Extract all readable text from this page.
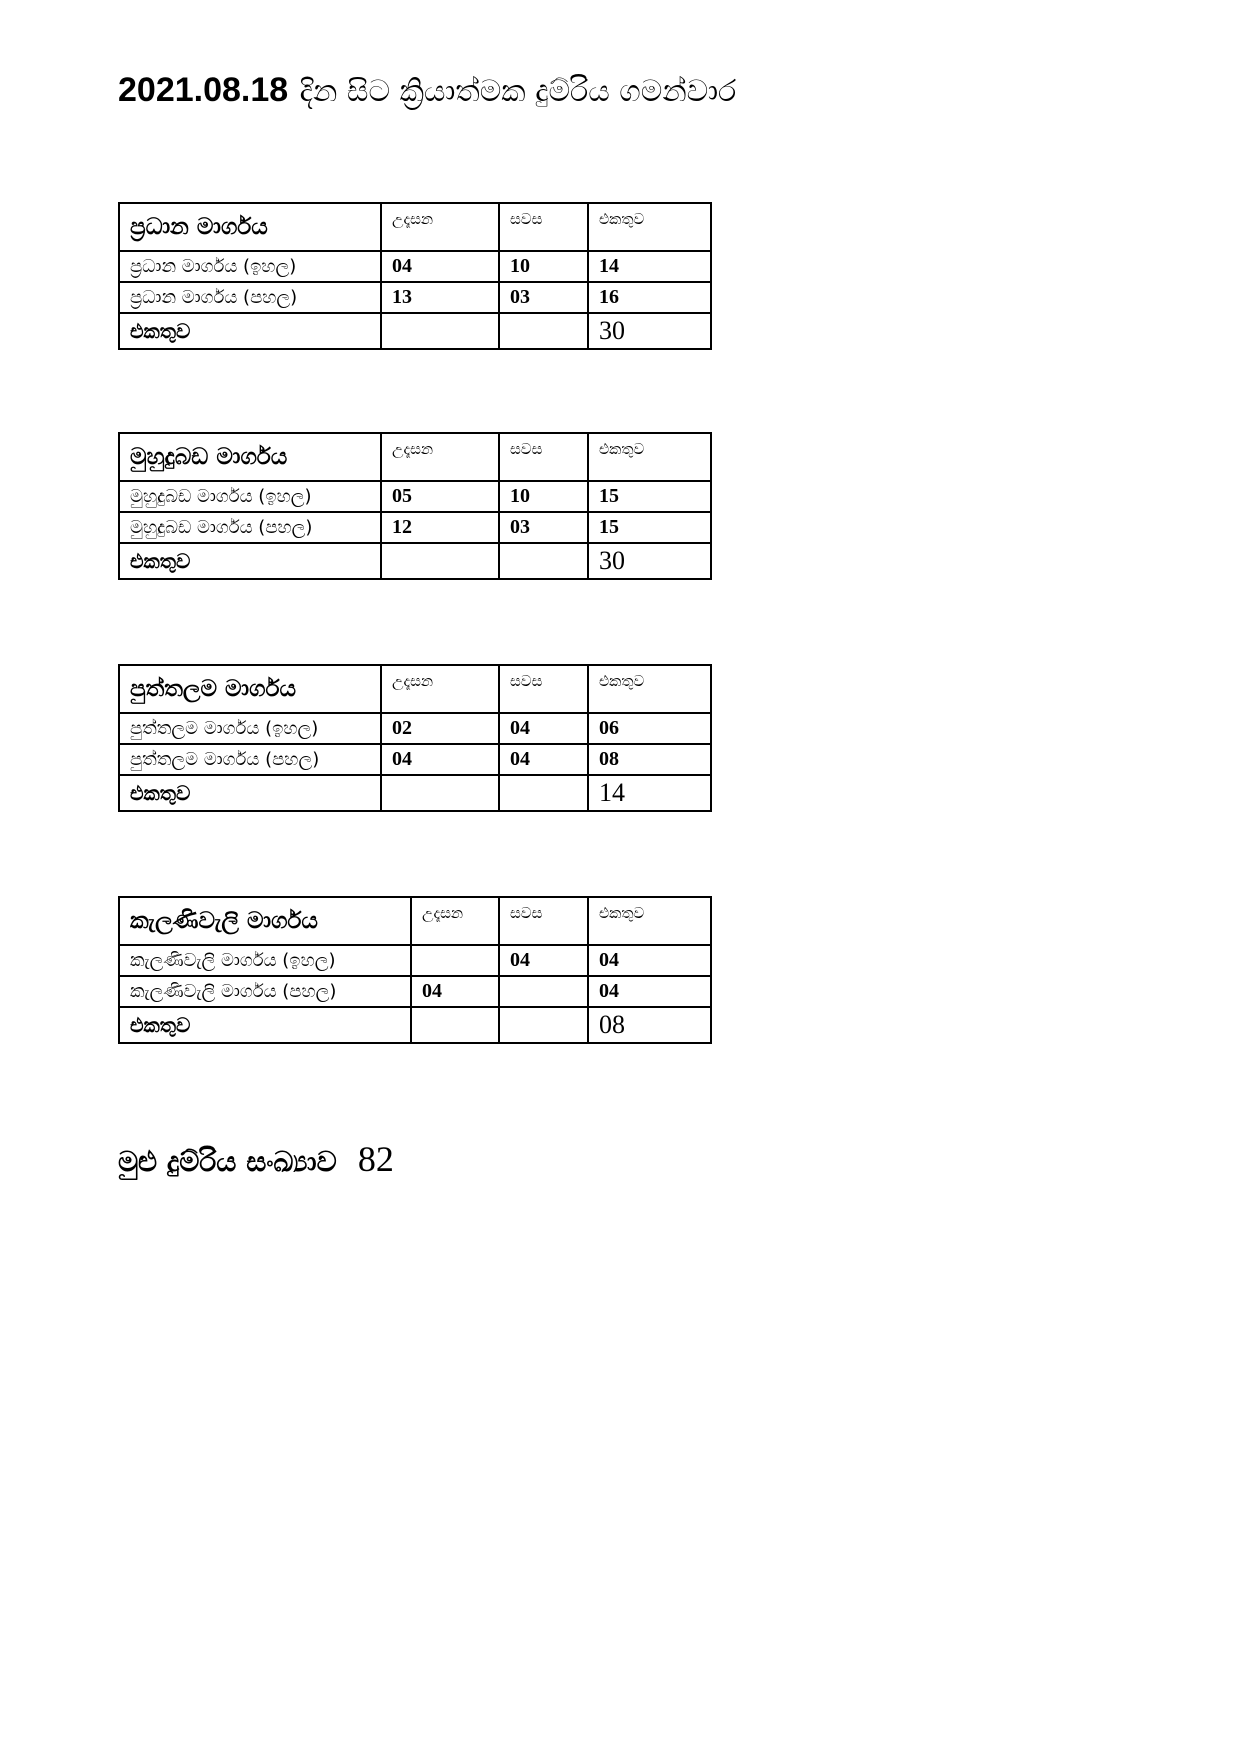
2021.08.18 දින සිට ක්‍රියාත්මක දුම්රිය ගමන්වාර
ප්‍රධාන මාර්ගය	උදෑසන	සවස	එකතුව
ප්‍රධාන මාර්ගය (ඉහල)	04	10	14
ප්‍රධාන මාර්ගය (පහල)	13	03	16
එකතුව			30
මුහුදුබඩ මාර්ගය	උදෑසන	සවස	එකතුව
මුහුදුබඩ මාර්ගය (ඉහල)	05	10	15
මුහුදුබඩ මාර්ගය (පහල)	12	03	15
එකතුව			30
පුත්තලම මාර්ගය	උදෑසන	සවස	එකතුව
පුත්තලම මාර්ගය (ඉහල)	02	04	06
පුත්තලම මාර්ගය (පහල)	04	04	08
එකතුව			14
කැලණිවැලි මාර්ගය	උදෑසන	සවස	එකතුව
කැලණිවැලි මාර්ගය (ඉහල)		04	04
කැලණිවැලි මාර්ගය (පහල)	04		04
එකතුව			08

මුළු දුම්රිය සංඛ්‍යාව 82
